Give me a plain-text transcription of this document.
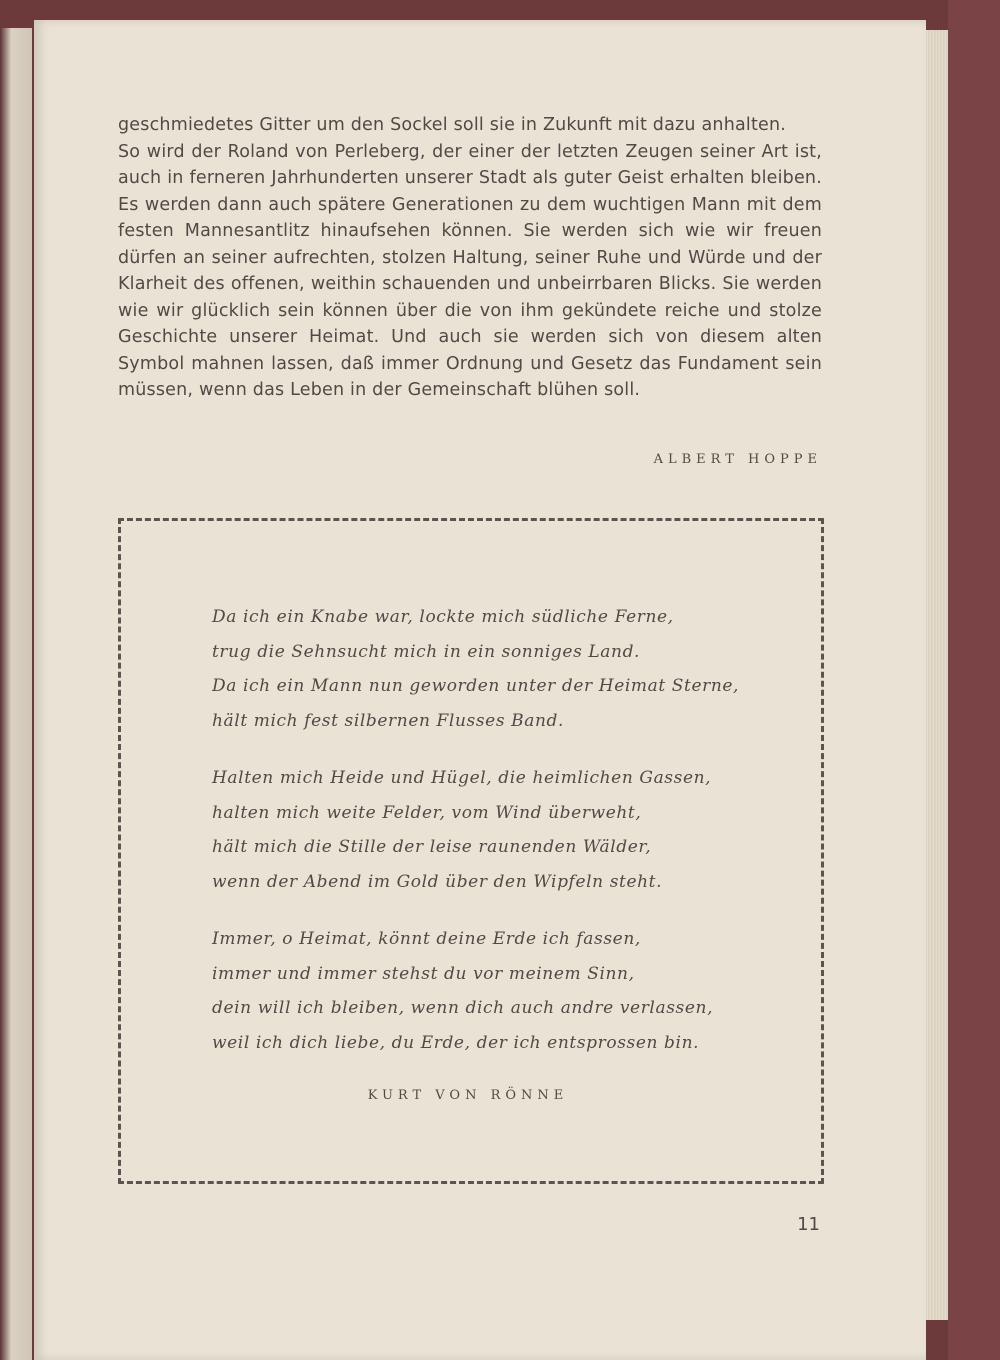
geschmiedetes Gitter um den Sockel soll sie in Zukunft mit dazu anhalten.

So wird der Roland von Perleberg, der einer der letzten Zeugen seiner Art ist, auch in ferneren Jahrhunderten unserer Stadt als guter Geist erhalten bleiben. Es werden dann auch spätere Generationen zu dem wuchtigen Mann mit dem festen Mannesantlitz hinaufsehen können. Sie werden sich wie wir freuen dürfen an seiner aufrechten, stolzen Haltung, seiner Ruhe und Würde und der Klarheit des offenen, weithin schauenden und unbeirrbaren Blicks. Sie werden wie wir glücklich sein können über die von ihm gekündete reiche und stolze Geschichte unserer Heimat. Und auch sie werden sich von diesem alten Symbol mahnen lassen, daß immer Ordnung und Gesetz das Fundament sein müssen, wenn das Leben in der Gemeinschaft blühen soll.

ALBERT HOPPE
Da ich ein Knabe war, lockte mich südliche Ferne,
trug die Sehnsucht mich in ein sonniges Land.
Da ich ein Mann nun geworden unter der Heimat Sterne,
hält mich fest silbernen Flusses Band.
Halten mich Heide und Hügel, die heimlichen Gassen,
halten mich weite Felder, vom Wind überweht,
hält mich die Stille der leise raunenden Wälder,
wenn der Abend im Gold über den Wipfeln steht.
Immer, o Heimat, könnt deine Erde ich fassen,
immer und immer stehst du vor meinem Sinn,
dein will ich bleiben, wenn dich auch andre verlassen,
weil ich dich liebe, du Erde, der ich entsprossen bin.
KURT VON RÖNNE
11
